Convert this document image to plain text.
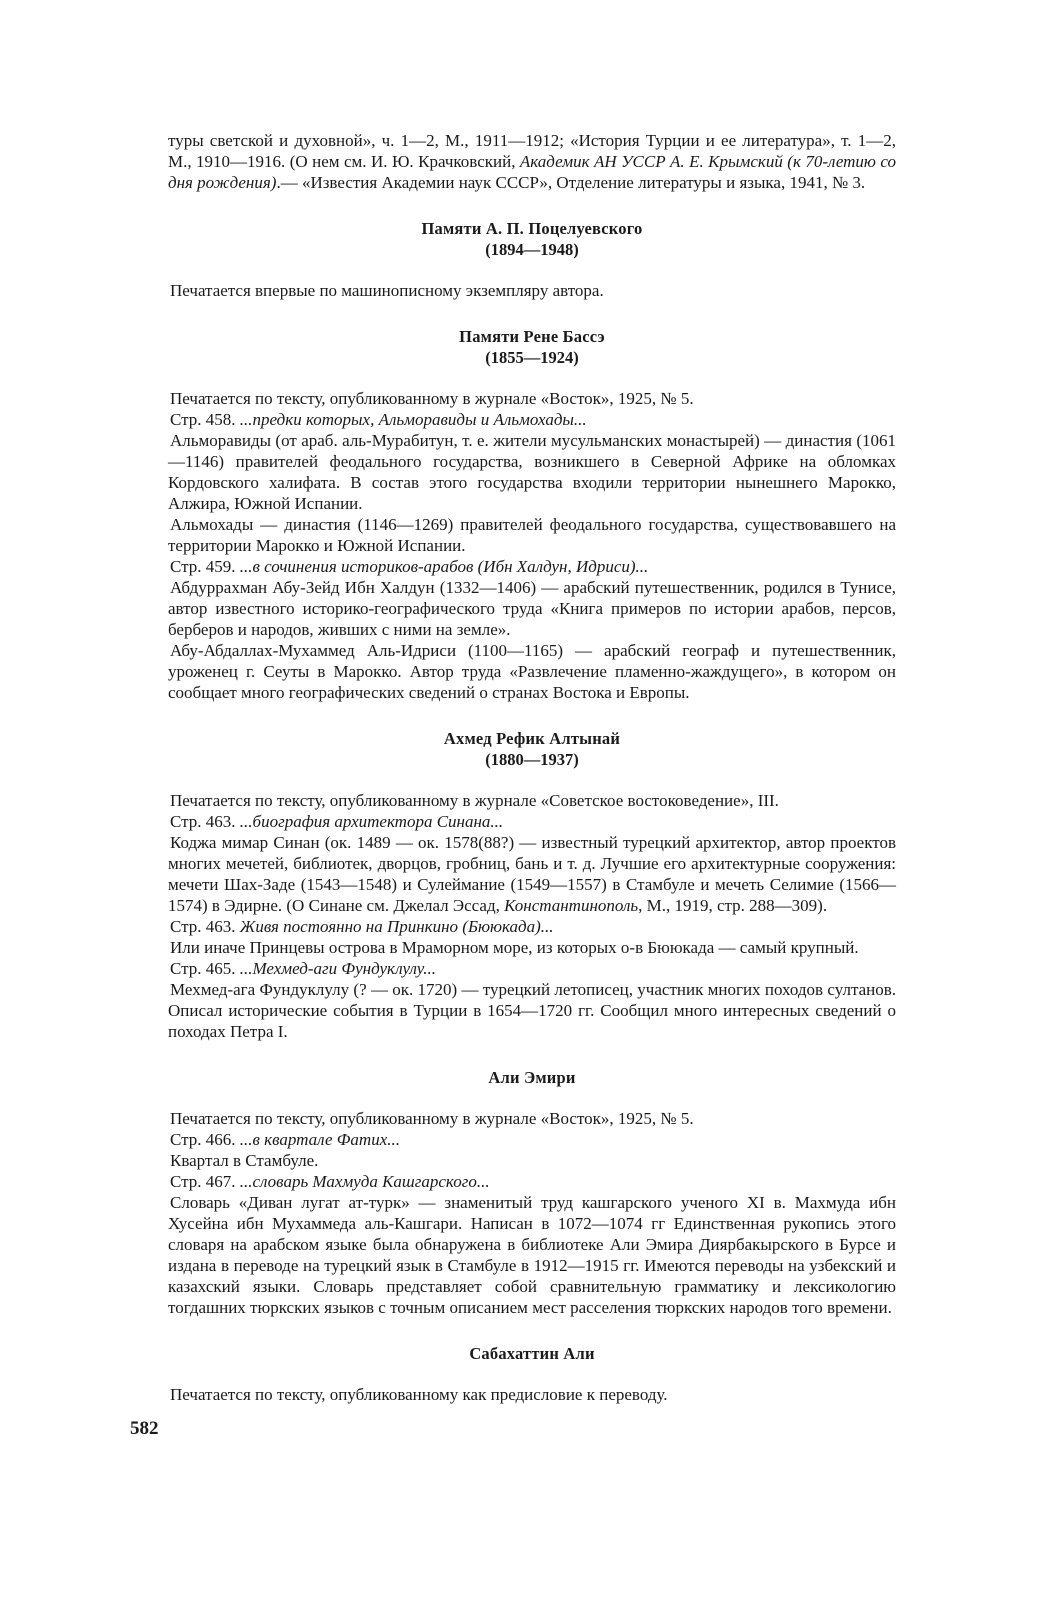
туры светской и духовной», ч. 1—2, М., 1911—1912; «История Турции и ее литература», т. 1—2, М., 1910—1916. (О нем см. И. Ю. Крачковский, Академик АН УССР А. Е. Крымский (к 70-летию со дня рождения).— «Известия Академии наук СССР», Отделение литературы и языка, 1941, № 3.

Памяти А. П. Поцелуевского
(1894—1948)

Печатается впервые по машинописному экземпляру автора.

Памяти Рене Бассэ
(1855—1924)

Печатается по тексту, опубликованному в журнале «Восток», 1925, № 5.

Стр. 458. ...предки которых, Альморавиды и Альмохады...

Альморавиды (от араб. аль-Мурабитун, т. е. жители мусульманских монастырей) — династия (1061—1146) правителей феодального государства, возникшего в Северной Африке на обломках Кордовского халифата. В состав этого государства входили территории нынешнего Марокко, Алжира, Южной Испании.

Альмохады — династия (1146—1269) правителей феодального государства, существовавшего на территории Марокко и Южной Испании.

Стр. 459. ...в сочинения историков-арабов (Ибн Халдун, Идриси)...

Абдуррахман Абу-Зейд Ибн Халдун (1332—1406) — арабский путешественник, родился в Тунисе, автор известного историко-географического труда «Книга примеров по истории арабов, персов, берберов и народов, живших с ними на земле».

Абу-Абдаллах-Мухаммед Аль-Идриси (1100—1165) — арабский географ и путешественник, уроженец г. Сеуты в Марокко. Автор труда «Развлечение пламенно-жаждущего», в котором он сообщает много географических сведений о странах Востока и Европы.

Ахмед Рефик Алтынай
(1880—1937)

Печатается по тексту, опубликованному в журнале «Советское востоковедение», III.

Стр. 463. ...биография архитектора Синана...

Коджа мимар Синан (ок. 1489 — ок. 1578(88?) — известный турецкий архитектор, автор проектов многих мечетей, библиотек, дворцов, гробниц, бань и т. д. Лучшие его архитектурные сооружения: мечети Шах-Заде (1543—1548) и Сулеймание (1549—1557) в Стамбуле и мечеть Селимие (1566—1574) в Эдирне. (О Синане см. Джелал Эссад, Константинополь, М., 1919, стр. 288—309).

Стр. 463. Живя постоянно на Принкино (Бююкада)...

Или иначе Принцевы острова в Мраморном море, из которых о-в Бююкада — самый крупный.

Стр. 465. ...Мехмед-аги Фундуклулу...

Мехмед-ага Фундуклулу (? — ок. 1720) — турецкий летописец, участник многих походов султанов. Описал исторические события в Турции в 1654—1720 гг. Сообщил много интересных сведений о походах Петра I.

Али Эмири

Печатается по тексту, опубликованному в журнале «Восток», 1925, № 5.

Стр. 466. ...в квартале Фатих...

Квартал в Стамбуле.

Стр. 467. ...словарь Махмуда Кашгарского...

Словарь «Диван лугат ат-турк» — знаменитый труд кашгарского ученого XI в. Махмуда ибн Хусейна ибн Мухаммеда аль-Кашгари. Написан в 1072—1074 гг Единственная рукопись этого словаря на арабском языке была обнаружена в библиотеке Али Эмира Диярбакырского в Бурсе и издана в переводе на турецкий язык в Стамбуле в 1912—1915 гг. Имеются переводы на узбекский и казахский языки. Словарь представляет собой сравнительную грамматику и лексикологию тогдашних тюркских языков с точным описанием мест расселения тюркских народов того времени.

Сабахаттин Али

Печатается по тексту, опубликованному как предисловие к переводу.

582
